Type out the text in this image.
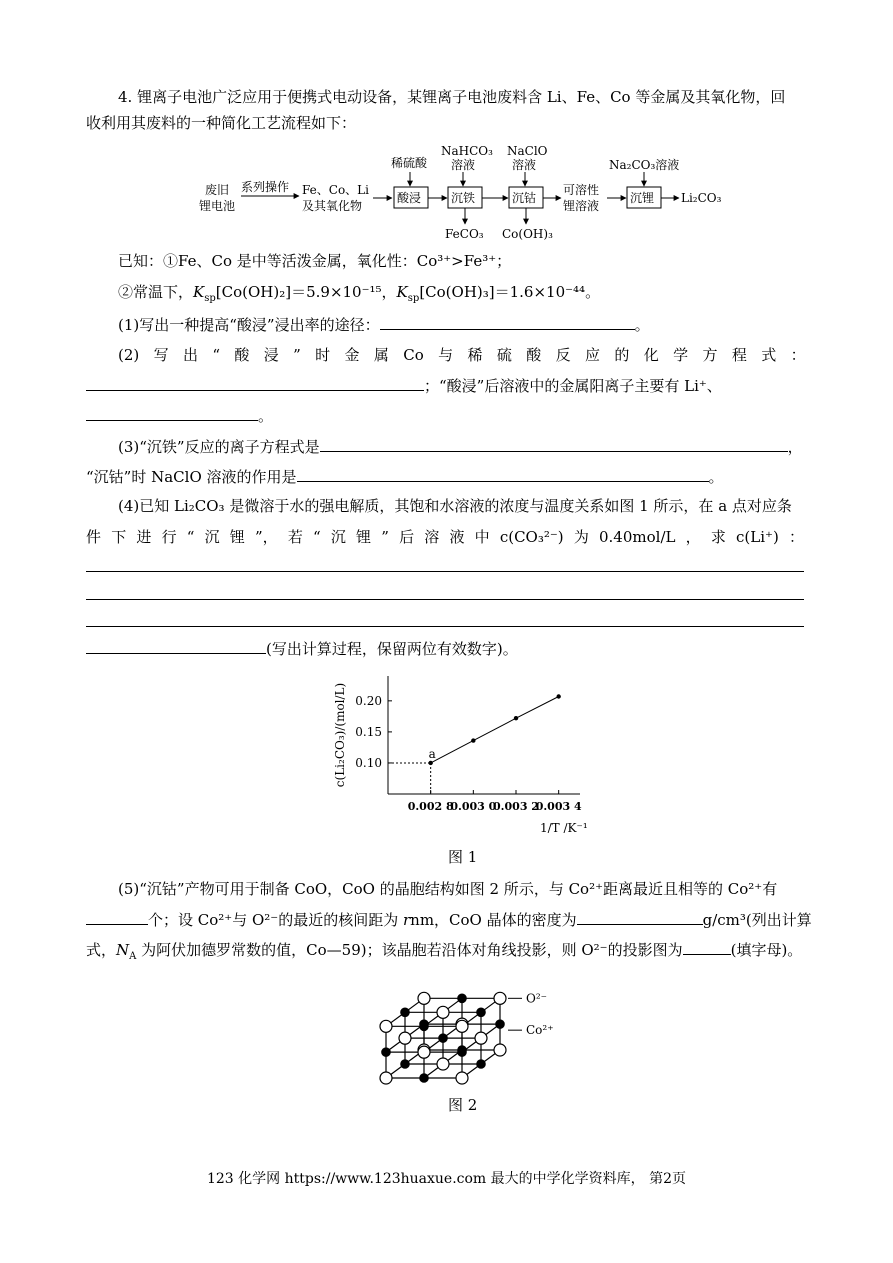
4. 锂离子电池广泛应用于便携式电动设备，某锂离子电池废料含 Li、Fe、Co 等金属及其氧化物，回
收利用其废料的一种简化工艺流程如下：
废旧
锂电池
系列操作 Fe、Co、Li
及其氧化物
稀硫酸
酸浸
NaHCO₃
溶液
沉铁
FeCO₃
NaClO
溶液
沉钴
Co(OH)₃
可溶性
锂溶液
Na₂CO₃溶液
沉锂 Li₂CO₃
已知：①Fe、Co 是中等活泼金属，氧化性：Co³⁺>Fe³⁺；
②常温下，$K_{sp}[Co(OH)_2]=5.9\times 10^{-15}$，$K_{sp}[Co(OH)_3]=1.6\times 10^{-44}$。
(1)写出一种提高“酸浸”浸出率的途径：	。
(2) 写 出 “ 酸 浸 ” 时 金 属 Co 与 稀 硫 酸 反 应 的 化 学 方 程 式 ：
；“酸浸”后溶液中的金属阳离子主要有 Li⁺、
。
(3)“沉铁”反应的离子方程式是	，
“沉钴”时 NaClO 溶液的作用是	。
(4)已知 Li₂CO₃ 是微溶于水的强电解质，其饱和水溶液的浓度与温度关系如图 1 所示，在 a 点对应条
件 下 进 行 “ 沉 锂 ”， 若 “ 沉 锂 ” 后 溶 液 中 c(CO₃²⁻) 为 0.40mol/L ， 求 c(Li⁺) ：
(写出计算过程，保留两位有效数字)。
0.10
0.15
0.20
0.002 8
0.003 0
0.003 2
0.003 4
a
c(Li₂CO₃)/(mol/L)
1/T /K⁻¹
图 1
(5)“沉钴”产物可用于制备 CoO，CoO 的晶胞结构如图 2 所示，与 Co²⁺距离最近且相等的 Co²⁺有
个；设 Co²⁺与 O²⁻的最近的核间距为 rnm，CoO 晶体的密度为	g/cm³(列出计算
式，$N_A$ 为阿伏加德罗常数的值，Co—59)；该晶胞若沿体对角线投影，则 O²⁻的投影图为	(填字母)。
O²⁻
Co²⁺
图 2
123 化学网 https://www.123huaxue.com 最大的中学化学资料库， 第2页
